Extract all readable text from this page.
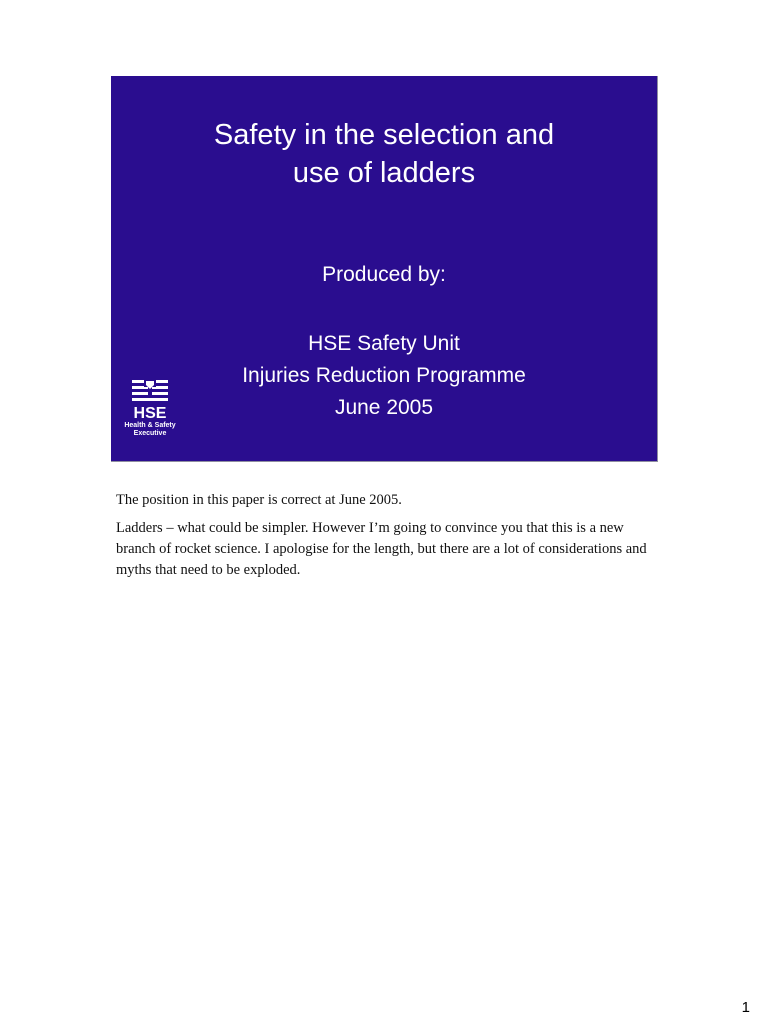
Safety in the selection and
use of ladders
Produced by:
HSE Safety Unit
Injuries Reduction Programme
June 2005
HSE
Health & Safety
Executive

The position in this paper is correct at June 2005.

Ladders – what could be simpler. However I’m going to convince you that this is a new branch of rocket science. I apologise for the length, but there are a lot of considerations and myths that need to be exploded.

1
